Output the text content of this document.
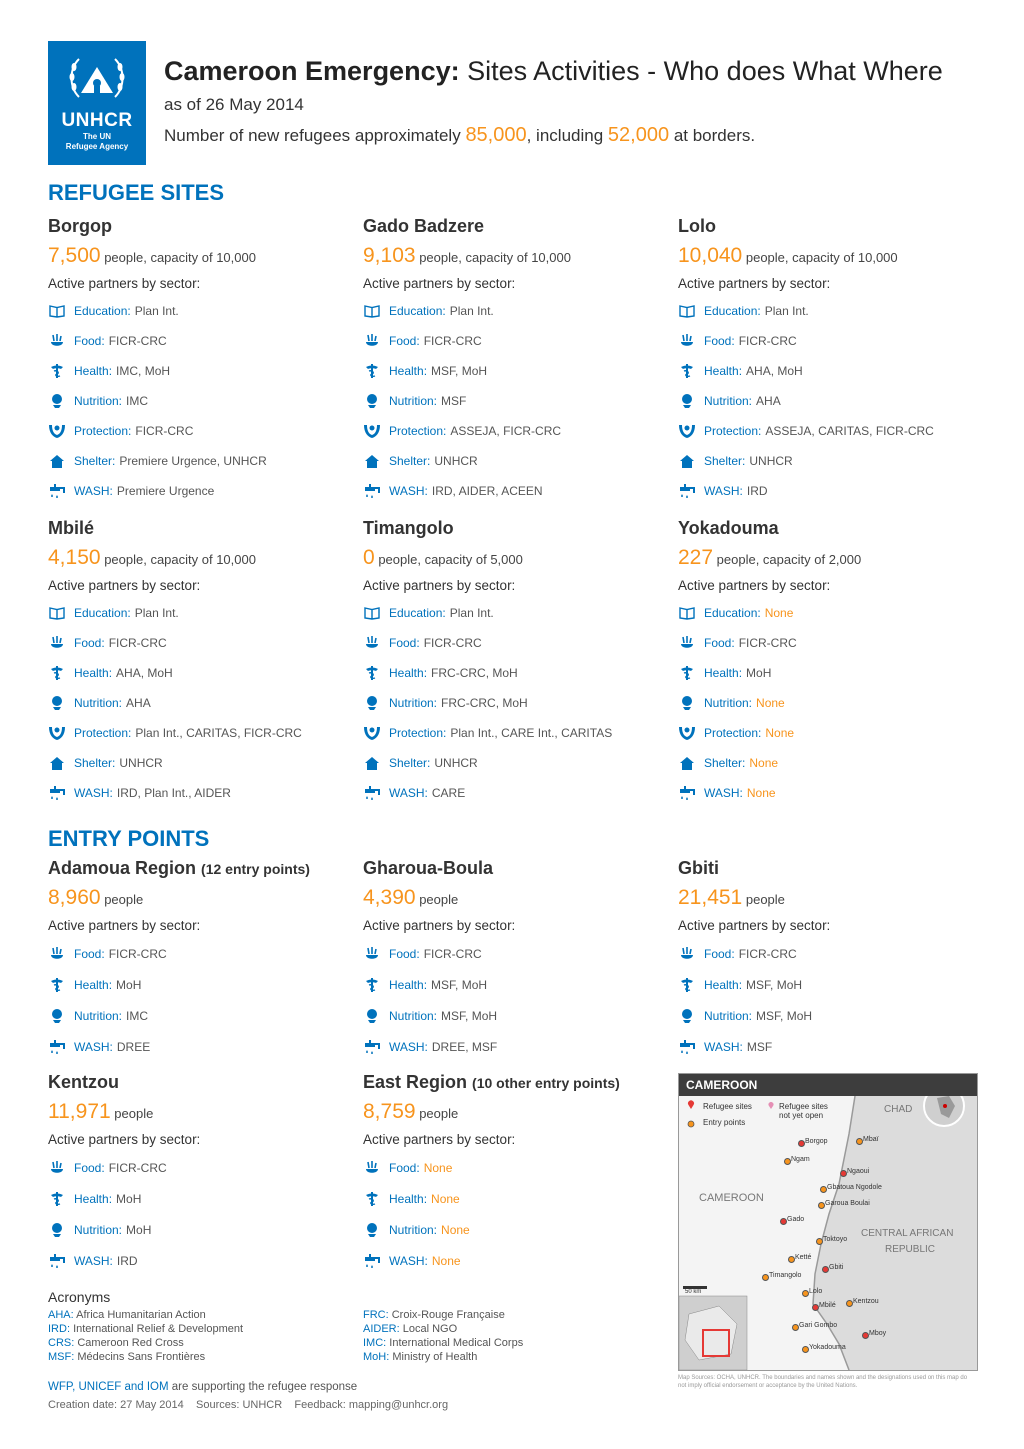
UNHCR
The UN
Refugee Agency
Cameroon Emergency: Sites Activities - Who does What Where
as of 26 May 2014
Number of new refugees approximately 85,000, including 52,000 at borders.
REFUGEE SITES
ENTRY POINTS
Borgop
7,500 people, capacity of 10,000
Active partners by sector:
Education: Plan Int.
Food: FICR-CRC
Health: IMC, MoH
Nutrition: IMC
Protection: FICR-CRC
Shelter: Premiere Urgence, UNHCR
WASH: Premiere Urgence
Gado Badzere
9,103 people, capacity of 10,000
Active partners by sector:
Education: Plan Int.
Food: FICR-CRC
Health: MSF, MoH
Nutrition: MSF
Protection: ASSEJA, FICR-CRC
Shelter: UNHCR
WASH: IRD, AIDER, ACEEN
Lolo
10,040 people, capacity of 10,000
Active partners by sector:
Education: Plan Int.
Food: FICR-CRC
Health: AHA, MoH
Nutrition: AHA
Protection: ASSEJA, CARITAS, FICR-CRC
Shelter: UNHCR
WASH: IRD
Mbilé
4,150 people, capacity of 10,000
Active partners by sector:
Education: Plan Int.
Food: FICR-CRC
Health: AHA, MoH
Nutrition: AHA
Protection: Plan Int., CARITAS, FICR-CRC
Shelter: UNHCR
WASH: IRD, Plan Int., AIDER
Timangolo
0 people, capacity of 5,000
Active partners by sector:
Education: Plan Int.
Food: FICR-CRC
Health: FRC-CRC, MoH
Nutrition: FRC-CRC, MoH
Protection: Plan Int., CARE Int., CARITAS
Shelter: UNHCR
WASH: CARE
Yokadouma
227 people, capacity of 2,000
Active partners by sector:
Education: None
Food: FICR-CRC
Health: MoH
Nutrition: None
Protection: None
Shelter: None
WASH: None
Adamoua Region (12 entry points)
8,960 people
Active partners by sector:
Food: FICR-CRC
Health: MoH
Nutrition: IMC
WASH: DREE
Gharoua-Boula
4,390 people
Active partners by sector:
Food: FICR-CRC
Health: MSF, MoH
Nutrition: MSF, MoH
WASH: DREE, MSF
Gbiti
21,451 people
Active partners by sector:
Food: FICR-CRC
Health: MSF, MoH
Nutrition: MSF, MoH
WASH: MSF
Kentzou
11,971 people
Active partners by sector:
Food: FICR-CRC
Health: MoH
Nutrition: MoH
WASH: IRD
East Region (10 other entry points)
8,759 people
Active partners by sector:
Food: None
Health: None
Nutrition: None
WASH: None
Acronyms
AHA: Africa Humanitarian Action	FRC: Croix-Rouge Française
IRD: International Relief & Development	AIDER: Local NGO
CRS: Cameroon Red Cross	IMC: International Medical Corps
MSF: Médecins Sans Frontières	MoH: Ministry of Health
WFP, UNICEF and IOM are supporting the refugee response
Creation date: 27 May 2014 Sources: UNHCR Feedback: mapping@unhcr.org
CAMEROON
Refugee sites
Entry points
Refugee sites not yet open
CAMEROON
CHAD
CENTRAL AFRICAN
REPUBLIC
50 km
Borgop
Ngam
Mbaï
Ngaoui
Gbatoua Ngodole
Garoua Boulai
Gado
Toktoyo
Ketté
Gbiti
Timangolo
Lolo
Mbilé
Kentzou
Gari Gombo
Mboy
Yokadouma
Map Sources: OCHA, UNHCR. The boundaries and names shown and the designations used on this map do not imply official endorsement or acceptance by the United Nations.
